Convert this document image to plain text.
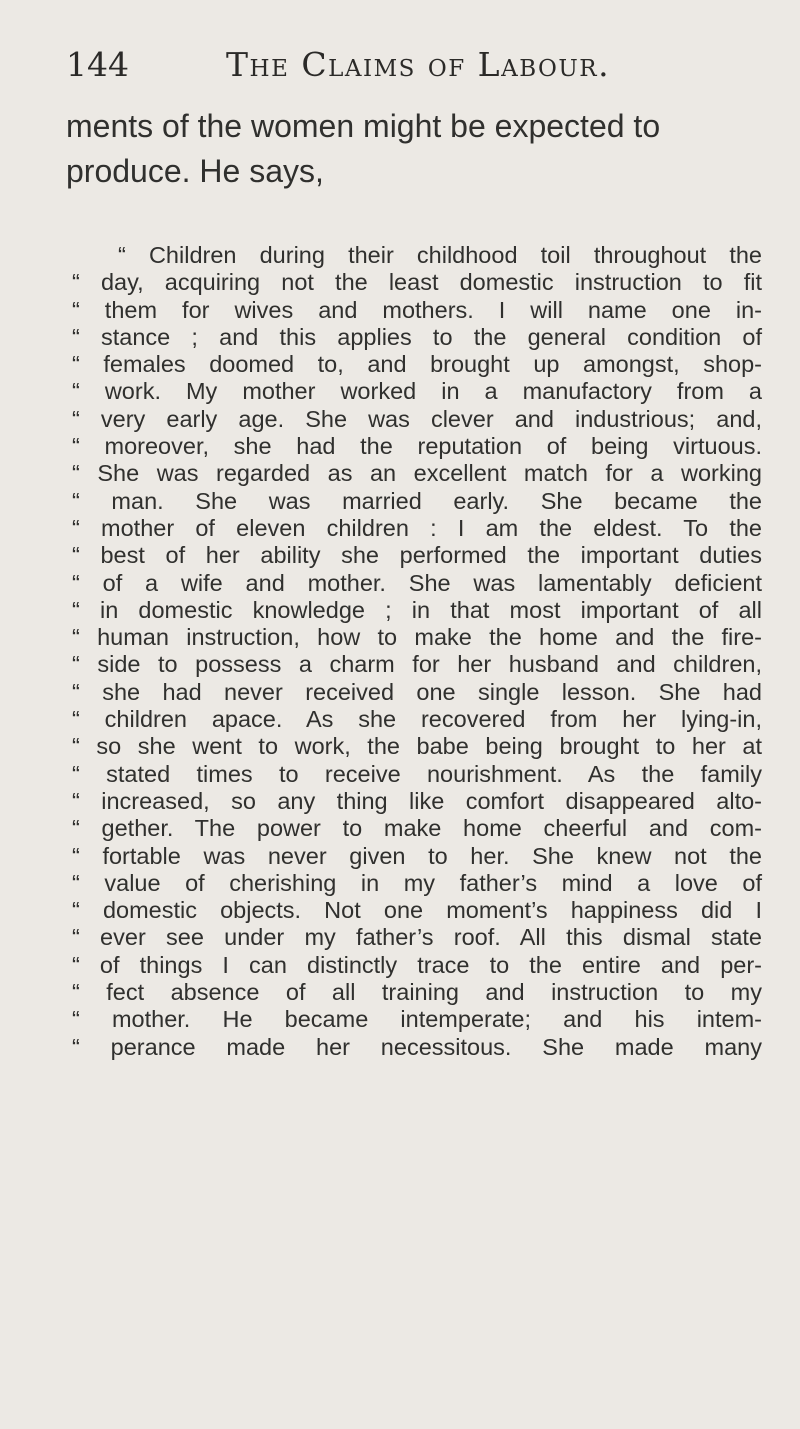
144	The Claims of Labour.
ments of the women might be expected to
produce. He says,
“ Children during their childhood toil throughout the
“ day, acquiring not the least domestic instruction to fit
“ them for wives and mothers. I will name one in-
“ stance ; and this applies to the general condition of
“ females doomed to, and brought up amongst, shop-
“ work. My mother worked in a manufactory from a
“ very early age. She was clever and industrious; and,
“ moreover, she had the reputation of being virtuous.
“ She was regarded as an excellent match for a working
“ man. She was married early. She became the
“ mother of eleven children : I am the eldest. To the
“ best of her ability she performed the important duties
“ of a wife and mother. She was lamentably deficient
“ in domestic knowledge ; in that most important of all
“ human instruction, how to make the home and the fire-
“ side to possess a charm for her husband and children,
“ she had never received one single lesson. She had
“ children apace. As she recovered from her lying-in,
“ so she went to work, the babe being brought to her at
“ stated times to receive nourishment. As the family
“ increased, so any thing like comfort disappeared alto-
“ gether. The power to make home cheerful and com-
“ fortable was never given to her. She knew not the
“ value of cherishing in my father’s mind a love of
“ domestic objects. Not one moment’s happiness did I
“ ever see under my father’s roof. All this dismal state
“ of things I can distinctly trace to the entire and per-
“ fect absence of all training and instruction to my
“ mother. He became intemperate; and his intem-
“ perance made her necessitous. She made many
